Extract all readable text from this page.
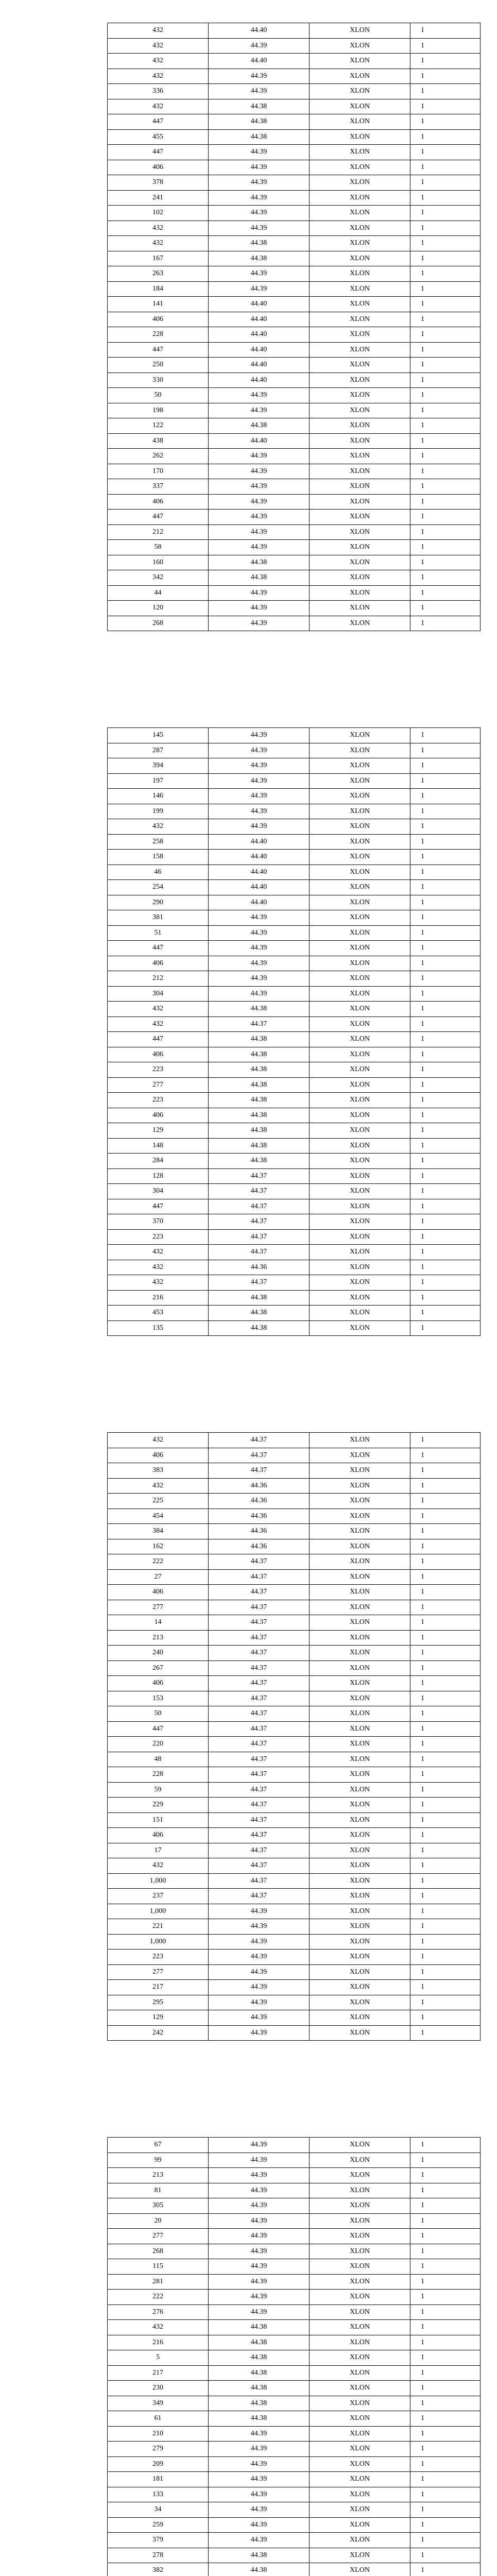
432	44.40	XLON	1
432	44.39	XLON	1
432	44.40	XLON	1
432	44.39	XLON	1
336	44.39	XLON	1
432	44.38	XLON	1
447	44.38	XLON	1
455	44.38	XLON	1
447	44.39	XLON	1
406	44.39	XLON	1
378	44.39	XLON	1
241	44.39	XLON	1
102	44.39	XLON	1
432	44.39	XLON	1
432	44.38	XLON	1
167	44.38	XLON	1
263	44.39	XLON	1
184	44.39	XLON	1
141	44.40	XLON	1
406	44.40	XLON	1
228	44.40	XLON	1
447	44.40	XLON	1
250	44.40	XLON	1
330	44.40	XLON	1
50	44.39	XLON	1
198	44.39	XLON	1
122	44.38	XLON	1
438	44.40	XLON	1
262	44.39	XLON	1
170	44.39	XLON	1
337	44.39	XLON	1
406	44.39	XLON	1
447	44.39	XLON	1
212	44.39	XLON	1
58	44.39	XLON	1
160	44.38	XLON	1
342	44.38	XLON	1
44	44.39	XLON	1
120	44.39	XLON	1
268	44.39	XLON	1
145	44.39	XLON	1
287	44.39	XLON	1
394	44.39	XLON	1
197	44.39	XLON	1
146	44.39	XLON	1
199	44.39	XLON	1
432	44.39	XLON	1
258	44.40	XLON	1
158	44.40	XLON	1
46	44.40	XLON	1
254	44.40	XLON	1
290	44.40	XLON	1
381	44.39	XLON	1
51	44.39	XLON	1
447	44.39	XLON	1
406	44.39	XLON	1
212	44.39	XLON	1
304	44.39	XLON	1
432	44.38	XLON	1
432	44.37	XLON	1
447	44.38	XLON	1
406	44.38	XLON	1
223	44.38	XLON	1
277	44.38	XLON	1
223	44.38	XLON	1
406	44.38	XLON	1
129	44.38	XLON	1
148	44.38	XLON	1
284	44.38	XLON	1
128	44.37	XLON	1
304	44.37	XLON	1
447	44.37	XLON	1
370	44.37	XLON	1
223	44.37	XLON	1
432	44.37	XLON	1
432	44.36	XLON	1
432	44.37	XLON	1
216	44.38	XLON	1
453	44.38	XLON	1
135	44.38	XLON	1
432	44.37	XLON	1
406	44.37	XLON	1
383	44.37	XLON	1
432	44.36	XLON	1
225	44.36	XLON	1
454	44.36	XLON	1
384	44.36	XLON	1
162	44.36	XLON	1
222	44.37	XLON	1
27	44.37	XLON	1
406	44.37	XLON	1
277	44.37	XLON	1
14	44.37	XLON	1
213	44.37	XLON	1
240	44.37	XLON	1
267	44.37	XLON	1
406	44.37	XLON	1
153	44.37	XLON	1
50	44.37	XLON	1
447	44.37	XLON	1
220	44.37	XLON	1
48	44.37	XLON	1
228	44.37	XLON	1
59	44.37	XLON	1
229	44.37	XLON	1
151	44.37	XLON	1
406	44.37	XLON	1
17	44.37	XLON	1
432	44.37	XLON	1
1,000	44.37	XLON	1
237	44.37	XLON	1
1,000	44.39	XLON	1
221	44.39	XLON	1
1,000	44.39	XLON	1
223	44.39	XLON	1
277	44.39	XLON	1
217	44.39	XLON	1
295	44.39	XLON	1
129	44.39	XLON	1
242	44.39	XLON	1
67	44.39	XLON	1
99	44.39	XLON	1
213	44.39	XLON	1
81	44.39	XLON	1
305	44.39	XLON	1
20	44.39	XLON	1
277	44.39	XLON	1
268	44.39	XLON	1
115	44.39	XLON	1
281	44.39	XLON	1
222	44.39	XLON	1
276	44.39	XLON	1
432	44.38	XLON	1
216	44.38	XLON	1
5	44.38	XLON	1
217	44.38	XLON	1
230	44.38	XLON	1
349	44.38	XLON	1
61	44.38	XLON	1
210	44.39	XLON	1
279	44.39	XLON	1
209	44.39	XLON	1
181	44.39	XLON	1
133	44.39	XLON	1
34	44.39	XLON	1
259	44.39	XLON	1
379	44.39	XLON	1
278	44.38	XLON	1
382	44.38	XLON	1
